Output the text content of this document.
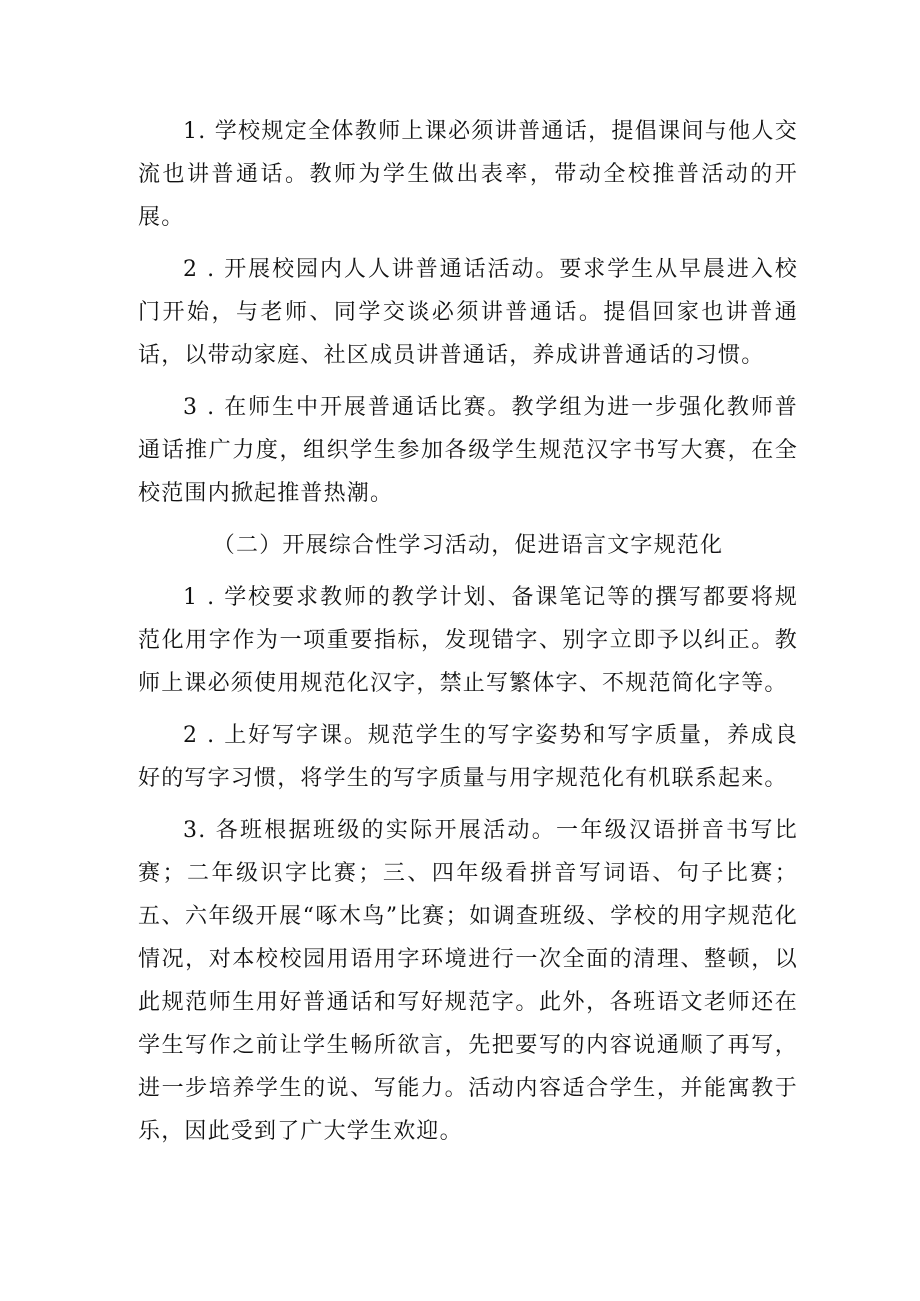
1. 学校规定全体教师上课必须讲普通话，提倡课间与他人交流也讲普通话。教师为学生做出表率，带动全校推普活动的开展。

2 . 开展校园内人人讲普通话活动。要求学生从早晨进入校门开始，与老师、同学交谈必须讲普通话。提倡回家也讲普通话，以带动家庭、社区成员讲普通话，养成讲普通话的习惯。

3 . 在师生中开展普通话比赛。教学组为进一步强化教师普通话推广力度，组织学生参加各级学生规范汉字书写大赛，在全校范围内掀起推普热潮。

（二）开展综合性学习活动，促进语言文字规范化

1 . 学校要求教师的教学计划、备课笔记等的撰写都要将规范化用字作为一项重要指标，发现错字、别字立即予以纠正。教师上课必须使用规范化汉字，禁止写繁体字、不规范简化字等。

2 . 上好写字课。规范学生的写字姿势和写字质量，养成良好的写字习惯，将学生的写字质量与用字规范化有机联系起来。

3. 各班根据班级的实际开展活动。一年级汉语拼音书写比赛；二年级识字比赛；三、四年级看拼音写词语、句子比赛；五、六年级开展“啄木鸟”比赛；如调查班级、学校的用字规范化情况，对本校校园用语用字环境进行一次全面的清理、整顿，以此规范师生用好普通话和写好规范字。此外，各班语文老师还在学生写作之前让学生畅所欲言，先把要写的内容说通顺了再写，进一步培养学生的说、写能力。活动内容适合学生，并能寓教于乐，因此受到了广大学生欢迎。
